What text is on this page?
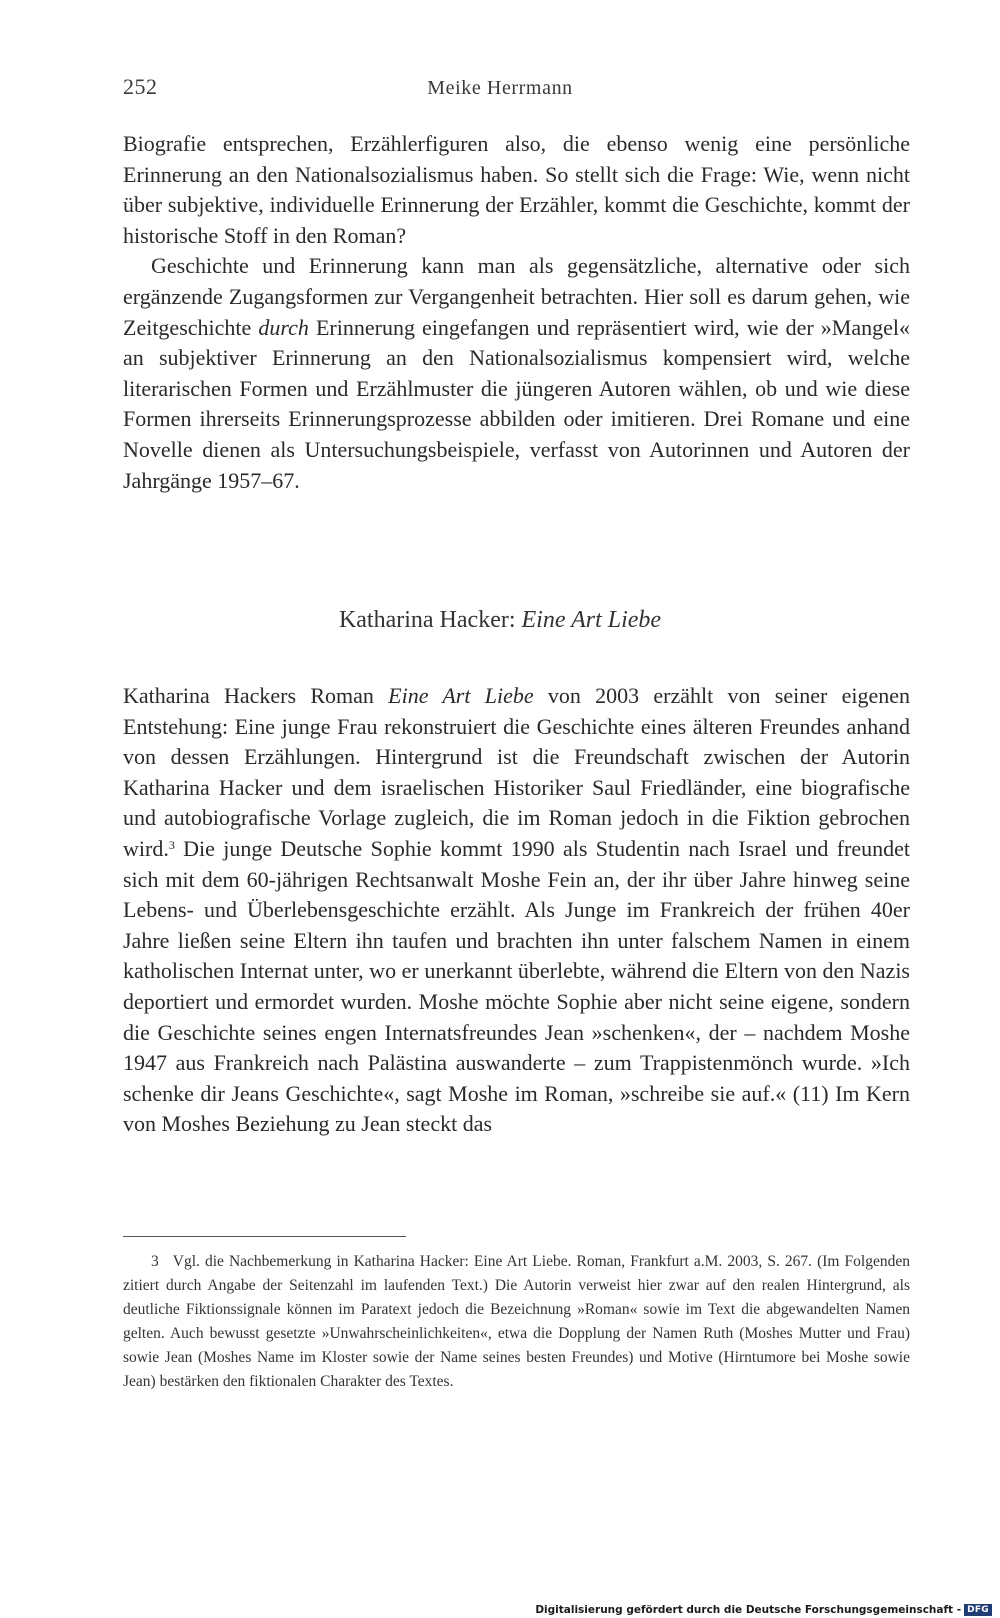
252	Meike Herrmann

Biografie entsprechen, Erzählerfiguren also, die ebenso wenig eine persönliche Erinnerung an den Nationalsozialismus haben. So stellt sich die Frage: Wie, wenn nicht über subjektive, individuelle Erinnerung der Erzähler, kommt die Geschichte, kommt der historische Stoff in den Roman?

Geschichte und Erinnerung kann man als gegensätzliche, alternative oder sich ergänzende Zugangsformen zur Vergangenheit betrachten. Hier soll es darum gehen, wie Zeitgeschichte durch Erinnerung eingefangen und repräsentiert wird, wie der »Mangel« an subjektiver Erinnerung an den Nationalsozialismus kompensiert wird, welche literarischen Formen und Erzählmuster die jüngeren Autoren wählen, ob und wie diese Formen ihrerseits Erinnerungsprozesse abbilden oder imitieren. Drei Romane und eine Novelle dienen als Untersuchungsbeispiele, verfasst von Autorinnen und Autoren der Jahrgänge 1957–67.

Katharina Hacker: Eine Art Liebe

Katharina Hackers Roman Eine Art Liebe von 2003 erzählt von seiner eigenen Entstehung: Eine junge Frau rekonstruiert die Geschichte eines älteren Freundes anhand von dessen Erzählungen. Hintergrund ist die Freundschaft zwischen der Autorin Katharina Hacker und dem israelischen Historiker Saul Friedländer, eine biografische und autobiografische Vorlage zugleich, die im Roman jedoch in die Fiktion gebrochen wird.$^3$ Die junge Deutsche Sophie kommt 1990 als Studentin nach Israel und freundet sich mit dem 60-jährigen Rechtsanwalt Moshe Fein an, der ihr über Jahre hinweg seine Lebens- und Überlebensgeschichte erzählt. Als Junge im Frankreich der frühen 40er Jahre ließen seine Eltern ihn taufen und brachten ihn unter falschem Namen in einem katholischen Internat unter, wo er unerkannt überlebte, während die Eltern von den Nazis deportiert und ermordet wurden. Moshe möchte Sophie aber nicht seine eigene, sondern die Geschichte seines engen Internatsfreundes Jean »schenken«, der – nachdem Moshe 1947 aus Frankreich nach Palästina auswanderte – zum Trappistenmönch wurde. »Ich schenke dir Jeans Geschichte«, sagt Moshe im Roman, »schreibe sie auf.« (11) Im Kern von Moshes Beziehung zu Jean steckt das

3 Vgl. die Nachbemerkung in Katharina Hacker: Eine Art Liebe. Roman, Frankfurt a.M. 2003, S. 267. (Im Folgenden zitiert durch Angabe der Seitenzahl im laufenden Text.) Die Autorin verweist hier zwar auf den realen Hintergrund, als deutliche Fiktionssignale können im Paratext jedoch die Bezeichnung »Roman« sowie im Text die abgewandelten Namen gelten. Auch bewusst gesetzte »Unwahrscheinlichkeiten«, etwa die Dopplung der Namen Ruth (Moshes Mutter und Frau) sowie Jean (Moshes Name im Kloster sowie der Name seines besten Freundes) und Motive (Hirntumore bei Moshe sowie Jean) bestärken den fiktionalen Charakter des Textes.
Digitalisierung gefördert durch die Deutsche Forschungsgemeinschaft - DFG
